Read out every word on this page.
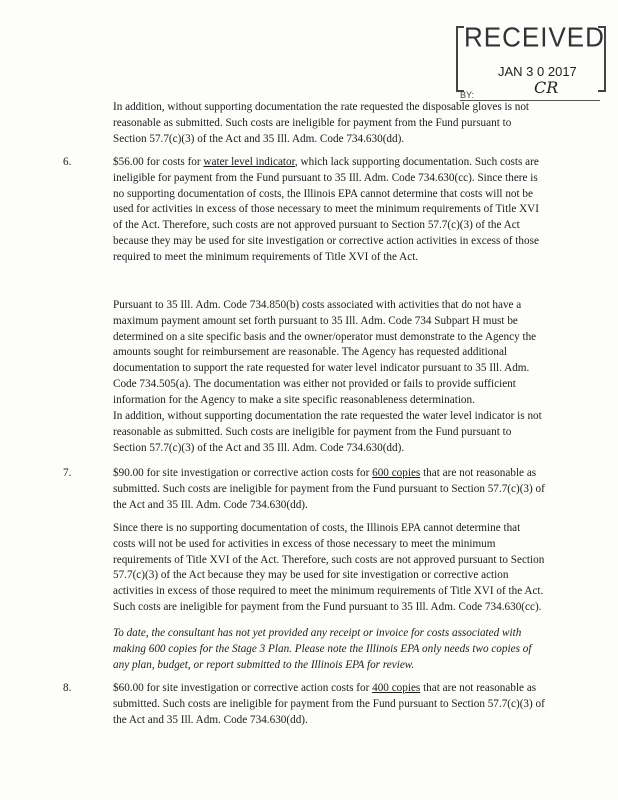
RECEIVED
JAN 3 0 2017
CR
BY:

In addition, without supporting documentation the rate requested the disposable gloves is not reasonable as submitted. Such costs are ineligible for payment from the Fund pursuant to Section 57.7(c)(3) of the Act and 35 Ill. Adm. Code 734.630(dd).

6.	$56.00 for costs for water level indicator, which lack supporting documentation. Such costs are ineligible for payment from the Fund pursuant to 35 Ill. Adm. Code 734.630(cc). Since there is no supporting documentation of costs, the Illinois EPA cannot determine that costs will not be used for activities in excess of those necessary to meet the minimum requirements of Title XVI of the Act. Therefore, such costs are not approved pursuant to Section 57.7(c)(3) of the Act because they may be used for site investigation or corrective action activities in excess of those required to meet the minimum requirements of Title XVI of the Act.

Pursuant to 35 Ill. Adm. Code 734.850(b) costs associated with activities that do not have a maximum payment amount set forth pursuant to 35 Ill. Adm. Code 734 Subpart H must be determined on a site specific basis and the owner/operator must demonstrate to the Agency the amounts sought for reimbursement are reasonable. The Agency has requested additional documentation to support the rate requested for water level indicator pursuant to 35 Ill. Adm. Code 734.505(a). The documentation was either not provided or fails to provide sufficient information for the Agency to make a site specific reasonableness determination.

In addition, without supporting documentation the rate requested the water level indicator is not reasonable as submitted. Such costs are ineligible for payment from the Fund pursuant to Section 57.7(c)(3) of the Act and 35 Ill. Adm. Code 734.630(dd).

7.	$90.00 for site investigation or corrective action costs for 600 copies that are not reasonable as submitted. Such costs are ineligible for payment from the Fund pursuant to Section 57.7(c)(3) of the Act and 35 Ill. Adm. Code 734.630(dd).

Since there is no supporting documentation of costs, the Illinois EPA cannot determine that costs will not be used for activities in excess of those necessary to meet the minimum requirements of Title XVI of the Act. Therefore, such costs are not approved pursuant to Section 57.7(c)(3) of the Act because they may be used for site investigation or corrective action activities in excess of those required to meet the minimum requirements of Title XVI of the Act. Such costs are ineligible for payment from the Fund pursuant to 35 Ill. Adm. Code 734.630(cc).

To date, the consultant has not yet provided any receipt or invoice for costs associated with making 600 copies for the Stage 3 Plan. Please note the Illinois EPA only needs two copies of any plan, budget, or report submitted to the Illinois EPA for review.

8.	$60.00 for site investigation or corrective action costs for 400 copies that are not reasonable as submitted. Such costs are ineligible for payment from the Fund pursuant to Section 57.7(c)(3) of the Act and 35 Ill. Adm. Code 734.630(dd).
